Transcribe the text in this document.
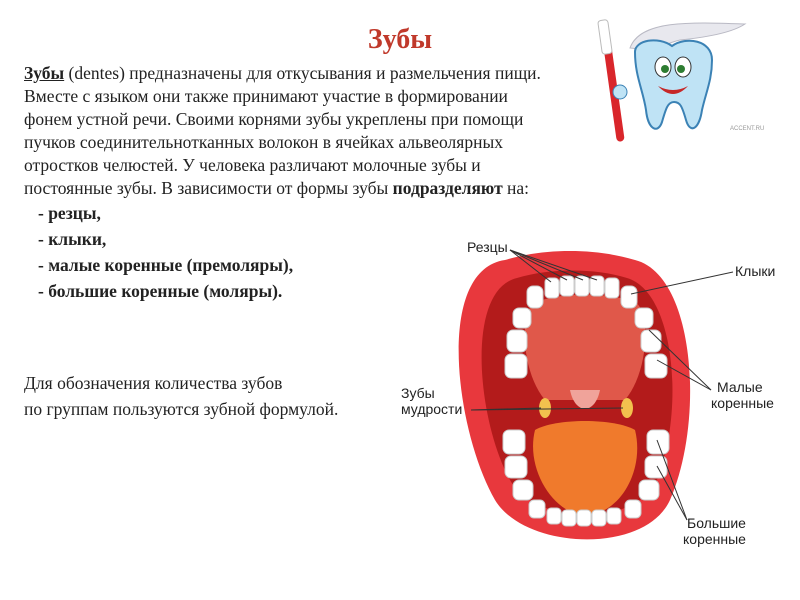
Зубы

Зубы (dentes) предназначены для откусывания и размельчения пищи. Вместе с языком они также принимают участие в формировании фонем устной речи. Своими корнями зубы укреплены при помощи пучков соединительнотканных волокон в ячейках альвеолярных отростков челюстей. У человека различают молочные зубы и постоянные зубы. В зависимости от формы зубы подразделяют на:

- резцы,
- клыки,
- малые коренные (премоляры),
- большие коренные (моляры).
Для обозначения количества зубов
по группам пользуются зубной формулой.
ACCENT.RU
Резцы
Клыки
Малые
коренные
Зубы
мудрости
Большие
коренные
